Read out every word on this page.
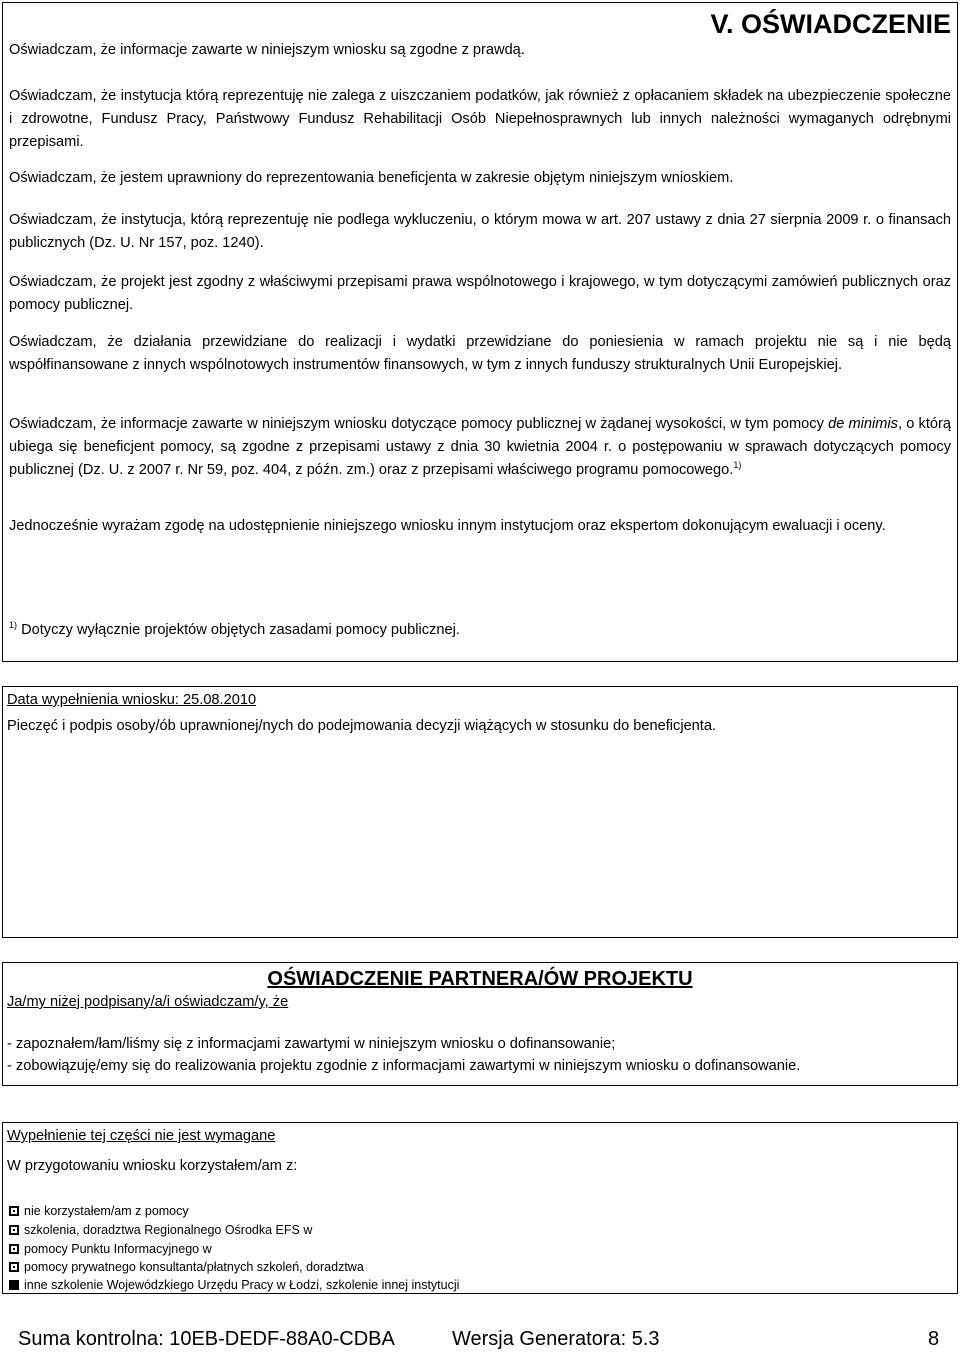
V. OŚWIADCZENIE

Oświadczam, że informacje zawarte w niniejszym wniosku są zgodne z prawdą.

Oświadczam, że instytucja którą reprezentuję nie zalega z uiszczaniem podatków, jak również z opłacaniem składek na ubezpieczenie społeczne i zdrowotne, Fundusz Pracy, Państwowy Fundusz Rehabilitacji Osób Niepełnosprawnych lub innych należności wymaganych odrębnymi przepisami.

Oświadczam, że jestem uprawniony do reprezentowania beneficjenta w zakresie objętym niniejszym wnioskiem.

Oświadczam, że instytucja, którą reprezentuję nie podlega wykluczeniu, o którym mowa w art. 207 ustawy z dnia 27 sierpnia 2009 r. o finansach publicznych (Dz. U. Nr 157, poz. 1240).

Oświadczam, że projekt jest zgodny z właściwymi przepisami prawa wspólnotowego i krajowego, w tym dotyczącymi zamówień publicznych oraz pomocy publicznej.

Oświadczam, że działania przewidziane do realizacji i wydatki przewidziane do poniesienia w ramach projektu nie są i nie będą współfinansowane z innych wspólnotowych instrumentów finansowych, w tym z innych funduszy strukturalnych Unii Europejskiej.

Oświadczam, że informacje zawarte w niniejszym wniosku dotyczące pomocy publicznej w żądanej wysokości, w tym pomocy de minimis, o którą ubiega się beneficjent pomocy, są zgodne z przepisami ustawy z dnia 30 kwietnia 2004 r. o postępowaniu w sprawach dotyczących pomocy publicznej (Dz. U. z 2007 r. Nr 59, poz. 404, z późn. zm.) oraz z przepisami właściwego programu pomocowego.$^{1)}$

Jednocześnie wyrażam zgodę na udostępnienie niniejszego wniosku innym instytucjom oraz ekspertom dokonującym ewaluacji i oceny.

$^{1)}$ Dotyczy wyłącznie projektów objętych zasadami pomocy publicznej.

Data wypełnienia wniosku: 25.08.2010
Pieczęć i podpis osoby/ób uprawnionej/nych do podejmowania decyzji wiążących w stosunku do beneficjenta.
OŚWIADCZENIE PARTNERA/ÓW PROJEKTU
Ja/my niżej podpisany/a/i oświadczam/y, że
- zapoznałem/łam/liśmy się z informacjami zawartymi w niniejszym wniosku o dofinansowanie;
- zobowiązuję/emy się do realizowania projektu zgodnie z informacjami zawartymi w niniejszym wniosku o dofinansowanie.
Wypełnienie tej części nie jest wymagane
W przygotowaniu wniosku korzystałem/am z:
nie korzystałem/am z pomocy
szkolenia, doradztwa Regionalnego Ośrodka EFS w
pomocy Punktu Informacyjnego w
pomocy prywatnego konsultanta/płatnych szkoleń, doradztwa
inne szkolenie Wojewódzkiego Urzędu Pracy w Łodzi, szkolenie innej instytucji
Suma kontrolna: 10EB-DEDF-88A0-CDBA	Wersja Generatora: 5.3	8
